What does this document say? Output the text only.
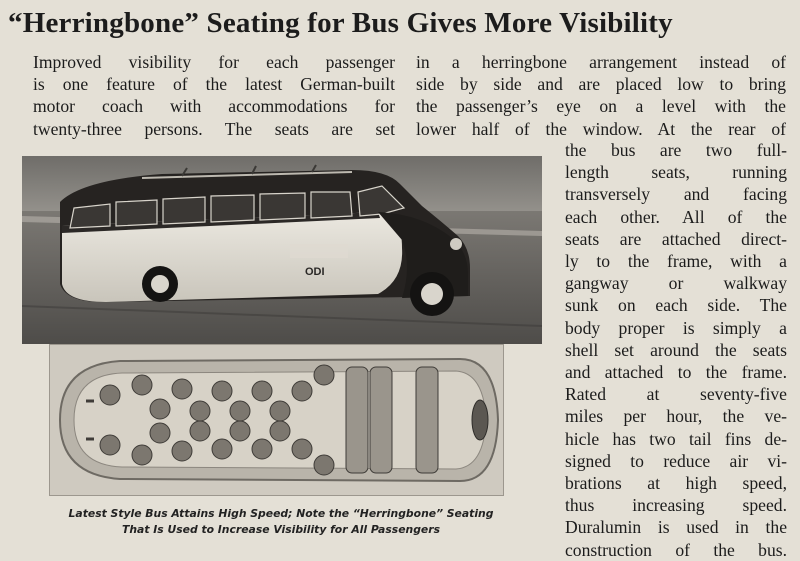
“Herringbone” Seating for Bus Gives More Visibility
Improved visibility for each passenger
is one feature of the latest German-built
motor coach with accommodations for
twenty-three persons. The seats are set
in a herringbone arrangement instead of
side by side and are placed low to bring
the passenger’s eye on a level with the
lower half of the window. At the rear of
the bus are two full-
length seats, running
transversely and facing
each other. All of the
seats are attached direct-
ly to the frame, with a
gangway or walkway
sunk on each side. The
body proper is simply a
shell set around the seats
and attached to the frame.
Rated at seventy-five
miles per hour, the ve-
hicle has two tail fins de-
signed to reduce air vi-
brations at high speed,
thus increasing speed.
Duralumin is used in the
construction of the bus.
ODI
Latest Style Bus Attains High Speed; Note the “Herringbone” Seating
That Is Used to Increase Visibility for All Passengers
